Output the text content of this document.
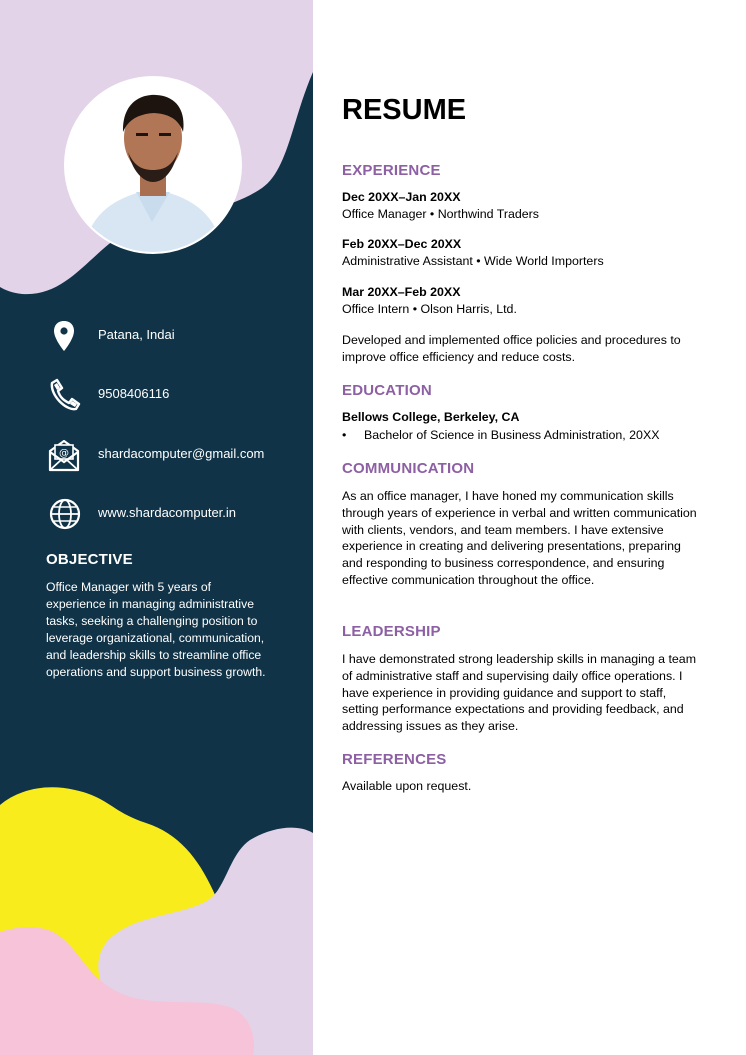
Patana, Indai
9508406116
@ shardacomputer@gmail.com
www.shardacomputer.in
OBJECTIVE
Office Manager with 5 years of experience in managing administrative tasks, seeking a challenging position to leverage organizational, communication, and leadership skills to streamline office operations and support business growth.
RESUME
EXPERIENCE
Dec 20XX–Jan 20XX
Office Manager • Northwind Traders
Feb 20XX–Dec 20XX
Administrative Assistant • Wide World Importers
Mar 20XX–Feb 20XX
Office Intern • Olson Harris, Ltd.
Developed and implemented office policies and procedures to improve office efficiency and reduce costs.
EDUCATION
Bellows College, Berkeley, CA
• Bachelor of Science in Business Administration, 20XX
COMMUNICATION
As an office manager, I have honed my communication skills through years of experience in verbal and written communication with clients, vendors, and team members. I have extensive experience in creating and delivering presentations, preparing and responding to business correspondence, and ensuring effective communication throughout the office.
LEADERSHIP
I have demonstrated strong leadership skills in managing a team of administrative staff and supervising daily office operations. I have experience in providing guidance and support to staff, setting performance expectations and providing feedback, and addressing issues as they arise.
REFERENCES
Available upon request.
